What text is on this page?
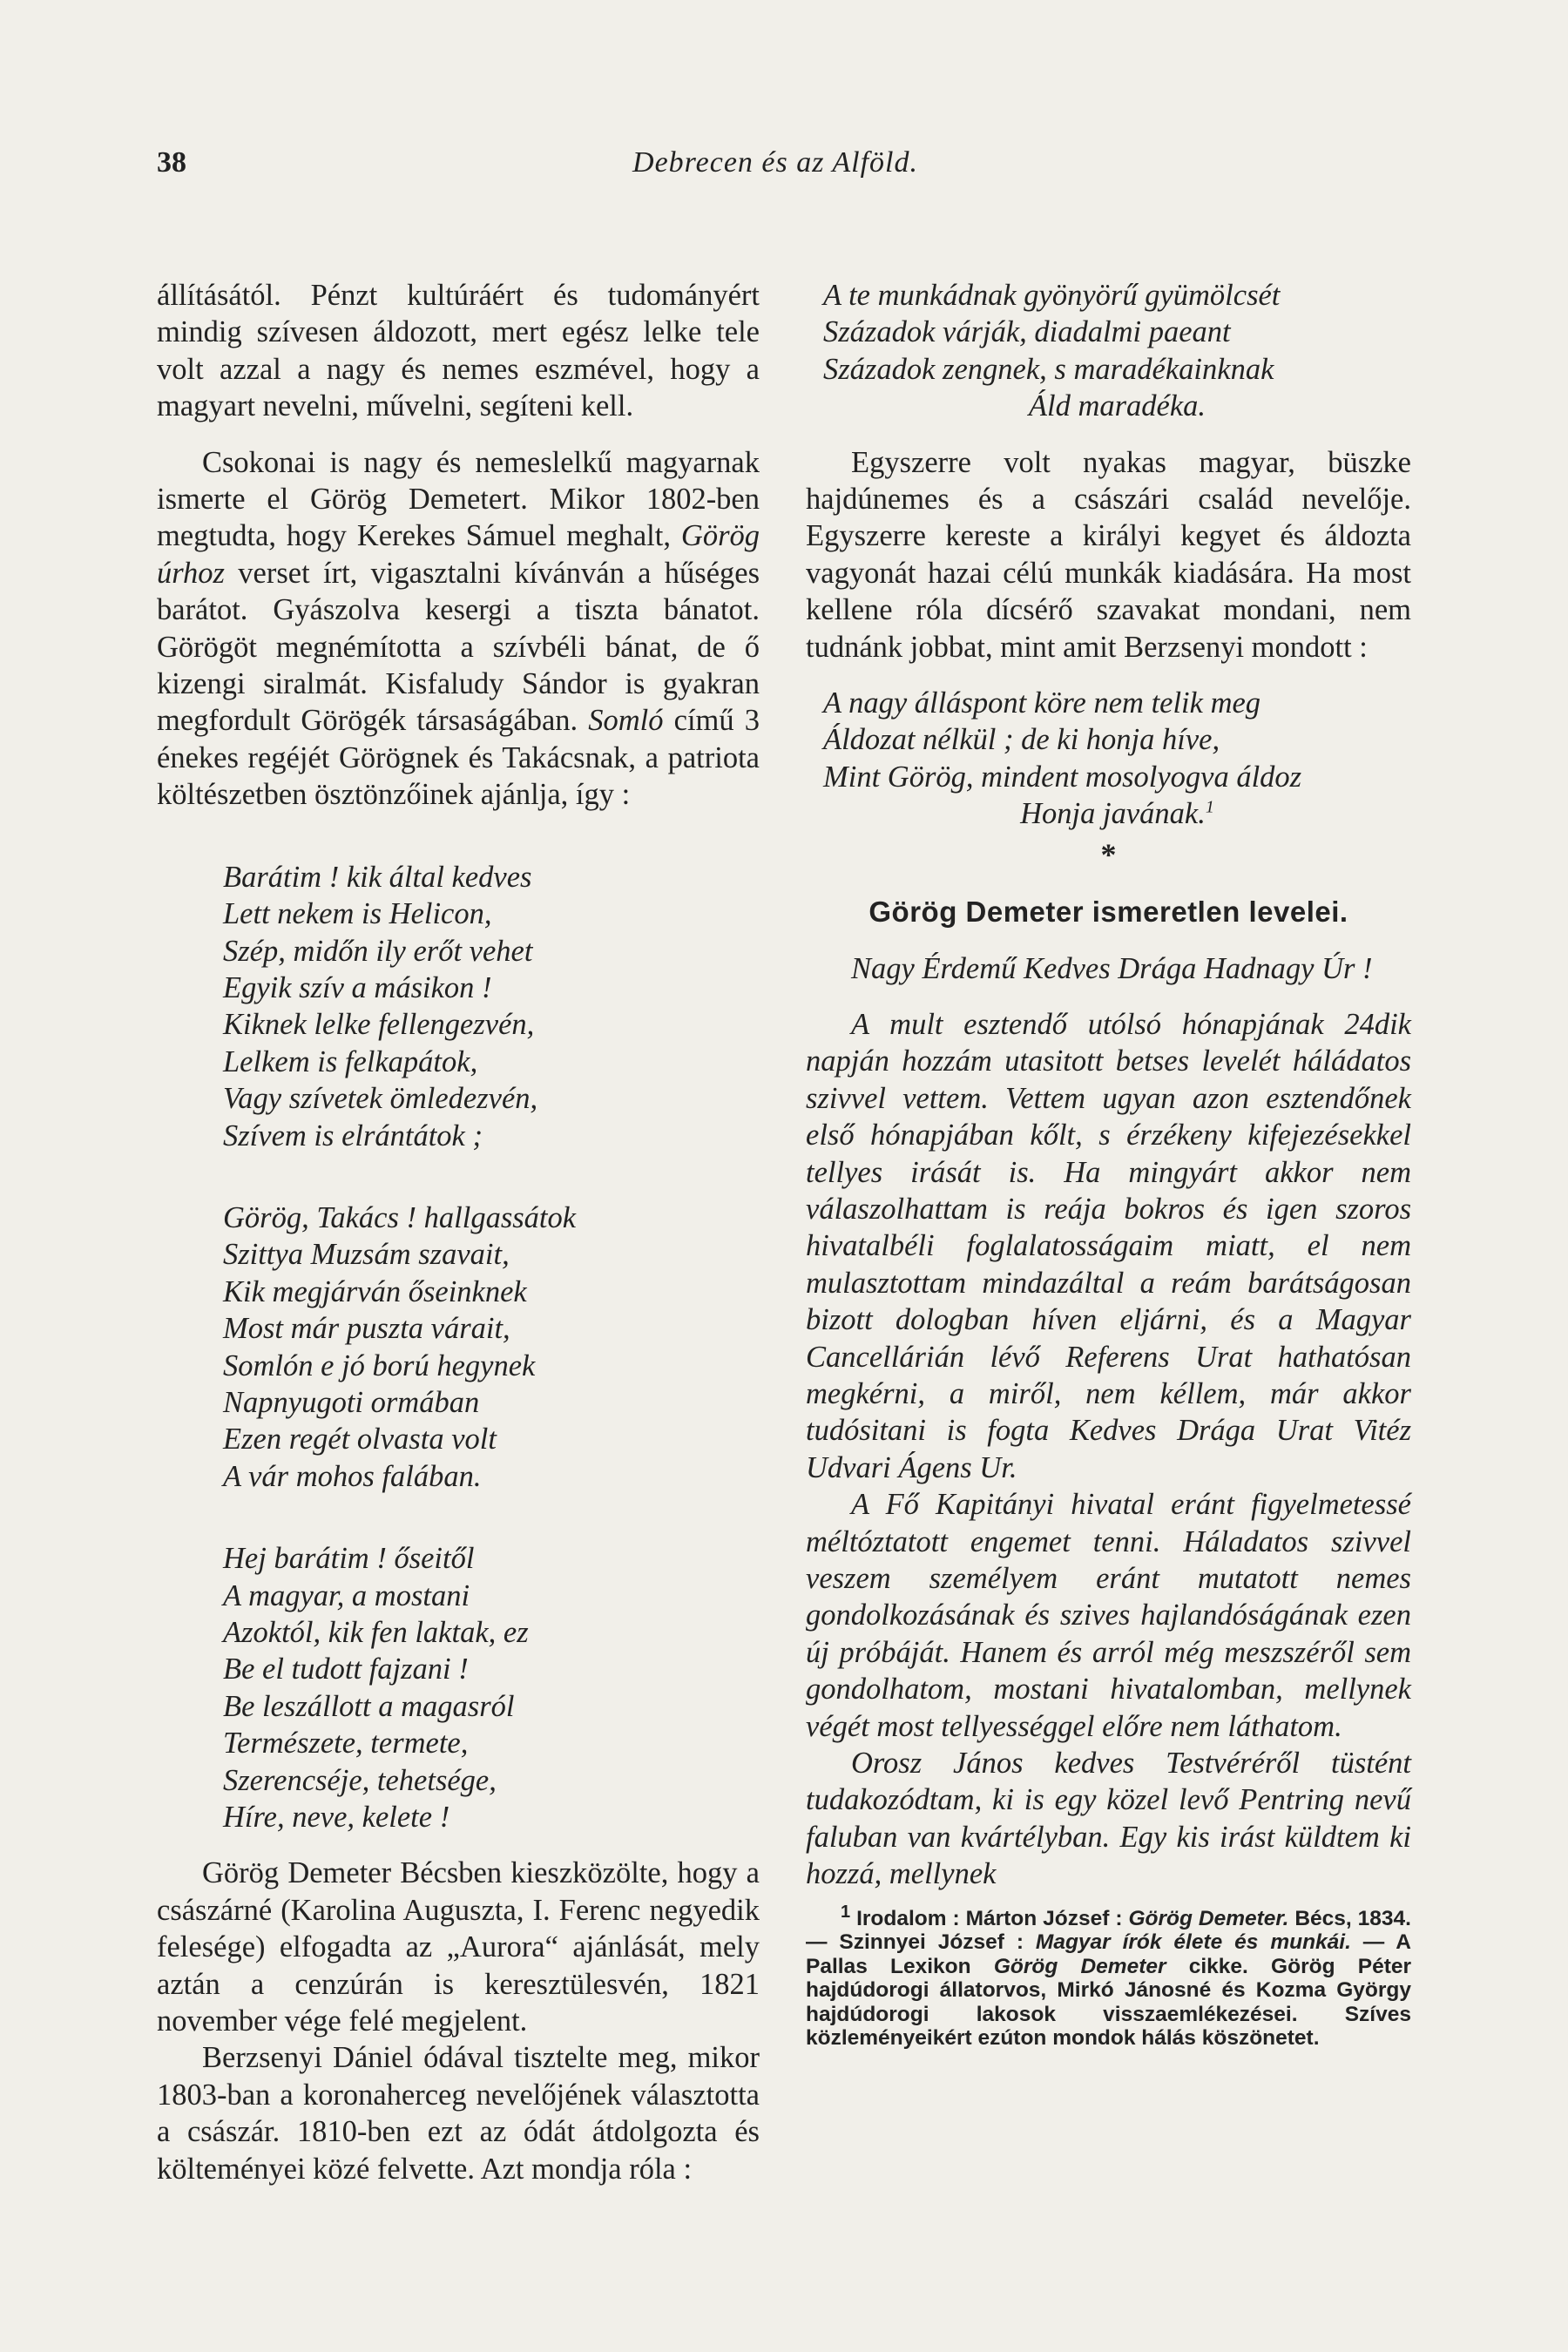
38	Debrecen és az Alföld.

állításától. Pénzt kultúráért és tudományért mindig szívesen áldozott, mert egész lelke tele volt azzal a nagy és nemes eszmével, hogy a magyart nevelni, művelni, segíteni kell.

Csokonai is nagy és nemeslelkű magyarnak ismerte el Görög Demetert. Mikor 1802-ben megtudta, hogy Kerekes Sámuel meghalt, Görög úrhoz verset írt, vigasztalni kívánván a hűséges barátot. Gyászolva kesergi a tiszta bánatot. Görögöt megnémította a szívbéli bánat, de ő kizengi siralmát. Kisfaludy Sándor is gyakran megfordult Görögék társaságában. Somló című 3 énekes regéjét Görögnek és Takácsnak, a patriota költészetben ösztönzőinek ajánlja, így :

Barátim ! kik által kedves
Lett nekem is Helicon,
Szép, midőn ily erőt vehet
Egyik szív a másikon !
Kiknek lelke fellengezvén,
Lelkem is felkapátok,
Vagy szívetek ömledezvén,
Szívem is elrántátok ;
Görög, Takács ! hallgassátok
Szittya Muzsám szavait,
Kik megjárván őseinknek
Most már puszta várait,
Somlón e jó ború hegynek
Napnyugoti ormában
Ezen regét olvasta volt
A vár mohos falában.
Hej barátim ! őseitől
A magyar, a mostani
Azoktól, kik fen laktak, ez
Be el tudott fajzani !
Be leszállott a magasról
Természete, termete,
Szerencséje, tehetsége,
Híre, neve, kelete !

Görög Demeter Bécsben kieszközölte, hogy a császárné (Karolina Auguszta, I. Ferenc negyedik felesége) elfogadta az „Aurora“ ajánlását, mely aztán a cenzúrán is keresztülesvén, 1821 november vége felé megjelent.

Berzsenyi Dániel ódával tisztelte meg, mikor 1803-ban a koronaherceg nevelőjének választotta a császár. 1810-ben ezt az ódát átdolgozta és költeményei közé felvette. Azt mondja róla :

A te munkádnak gyönyörű gyümölcsét
Századok várják, diadalmi paeant
Századok zengnek, s maradékainknak
Áld maradéka.

Egyszerre volt nyakas magyar, büszke hajdúnemes és a császári család nevelője. Egyszerre kereste a királyi kegyet és áldozta vagyonát hazai célú munkák kiadására. Ha most kellene róla dícsérő szavakat mondani, nem tudnánk jobbat, mint amit Berzsenyi mondott :

A nagy álláspont köre nem telik meg
Áldozat nélkül ; de ki honja híve,
Mint Görög, mindent mosolyogva áldoz
Honja javának.$^1$
*
Görög Demeter ismeretlen levelei.
Nagy Érdemű Kedves Drága Hadnagy Úr !

A mult esztendő utólsó hónapjának 24dik napján hozzám utasitott betses levelét háládatos szivvel vettem. Vettem ugyan azon esztendőnek első hónapjában kőlt, s érzékeny kifejezésekkel tellyes irását is. Ha mingyárt akkor nem válaszolhattam is reája bokros és igen szoros hivatalbéli foglalatosságaim miatt, el nem mulasztottam mindazáltal a reám barátságosan bizott dologban híven eljárni, és a Magyar Cancellárián lévő Referens Urat hathatósan megkérni, a miről, nem kéllem, már akkor tudósitani is fogta Kedves Drága Urat Vitéz Udvari Ágens Ur.

A Fő Kapitányi hivatal eránt figyelmetessé méltóztatott engemet tenni. Háladatos szivvel veszem személyem eránt mutatott nemes gondolkozásának és szives hajlandóságának ezen új próbáját. Hanem és arról még meszszéről sem gondolhatom, mostani hivatalomban, mellynek végét most tellyességgel előre nem láthatom.

Orosz János kedves Testvéréről tüstént tudakozódtam, ki is egy közel levő Pentring nevű faluban van kvártélyban. Egy kis irást küldtem ki hozzá, mellynek

$^1$ Irodalom : Márton József : Görög Demeter. Bécs, 1834. — Szinnyei József : Magyar írók élete és munkái. — A Pallas Lexikon Görög Demeter cikke. Görög Péter hajdúdorogi állatorvos, Mirkó Jánosné és Kozma György hajdúdorogi lakosok visszaemlékezései. Szíves közleményeikért ezúton mondok hálás köszönetet.
